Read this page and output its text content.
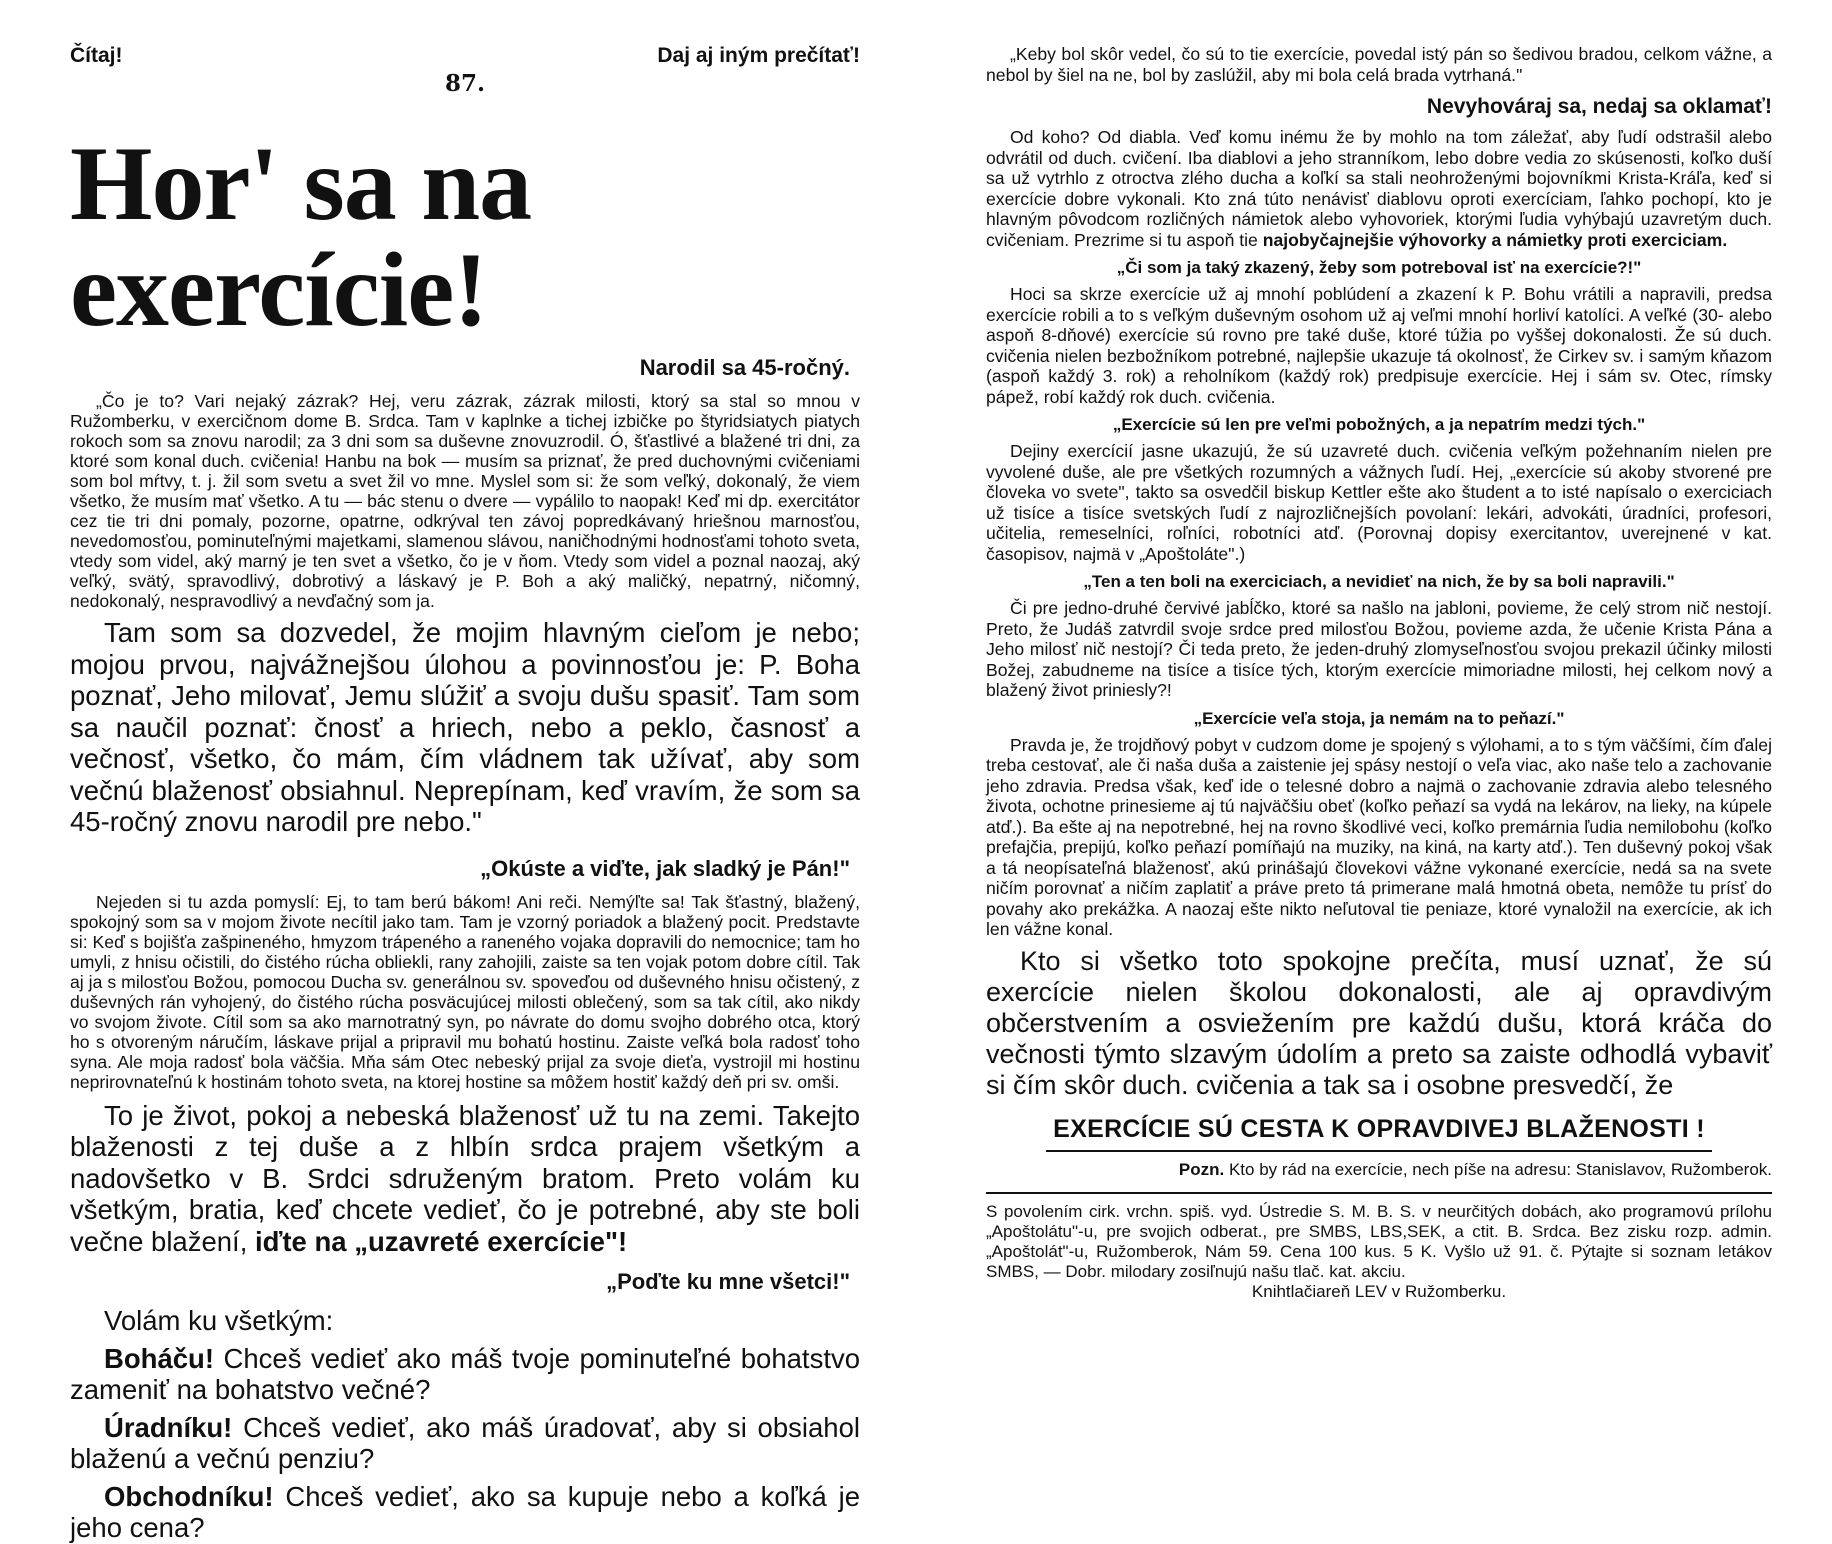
Čítaj!	Daj aj iným prečítať!
87.
Hor' sa na exercície!
Narodil sa 45-ročný.

„Čo je to? Vari nejaký zázrak? Hej, veru zázrak, zázrak milosti, ktorý sa stal so mnou v Ružomberku, v exercičnom dome B. Srdca. Tam v kaplnke a tichej izbičke po štyridsiatych piatych rokoch som sa znovu narodil; za 3 dni som sa duševne znovuzrodil. Ó, šťastlivé a blažené tri dni, za ktoré som konal duch. cvičenia! Hanbu na bok — musím sa priznať, že pred duchovnými cvičeniami som bol mŕtvy, t. j. žil som svetu a svet žil vo mne. Myslel som si: že som veľký, dokonalý, že viem všetko, že musím mať všetko. A tu — bác stenu o dvere — vypálilo to naopak! Keď mi dp. exercitátor cez tie tri dni pomaly, pozorne, opatrne, odkrýval ten závoj popredkávaný hriešnou marnosťou, nevedomosťou, pominuteľnými majetkami, slamenou slávou, naničhodnými hodnosťami tohoto sveta, vtedy som videl, aký marný je ten svet a všetko, čo je v ňom. Vtedy som videl a poznal naozaj, aký veľký, svätý, spravodlivý, dobrotivý a láskavý je P. Boh a aký maličký, nepatrný, ničomný, nedokonalý, nespravodlivý a nevďačný som ja.

Tam som sa dozvedel, že mojim hlavným cieľom je nebo; mojou prvou, najvážnejšou úlohou a povinnosťou je: P. Boha poznať, Jeho milovať, Jemu slúžiť a svoju dušu spasiť. Tam som sa naučil poznať: čnosť a hriech, nebo a peklo, časnosť a večnosť, všetko, čo mám, čím vládnem tak užívať, aby som večnú blaženosť obsiahnul. Neprepínam, keď vravím, že som sa 45-ročný znovu narodil pre nebo."

„Okúste a viďte, jak sladký je Pán!"

Nejeden si tu azda pomyslí: Ej, to tam berú bákom! Ani reči. Nemýľte sa! Tak šťastný, blažený, spokojný som sa v mojom živote necítil jako tam. Tam je vzorný poriadok a blažený pocit. Predstavte si: Keď s bojišťa zašpineného, hmyzom trápeného a raneného vojaka dopravili do nemocnice; tam ho umyli, z hnisu očistili, do čistého rúcha obliekli, rany zahojili, zaiste sa ten vojak potom dobre cítil. Tak aj ja s milosťou Božou, pomocou Ducha sv. generálnou sv. spoveďou od duševného hnisu očistený, z duševných rán vyhojený, do čistého rúcha posväcujúcej milosti oblečený, som sa tak cítil, ako nikdy vo svojom živote. Cítil som sa ako marnotratný syn, po návrate do domu svojho dobrého otca, ktorý ho s otvoreným náručím, láskave prijal a pripravil mu bohatú hostinu. Zaiste veľká bola radosť toho syna. Ale moja radosť bola väčšia. Mňa sám Otec nebeský prijal za svoje dieťa, vystrojil mi hostinu neprirovnateľnú k hostinám tohoto sveta, na ktorej hostine sa môžem hostiť každý deň pri sv. omši.

To je život, pokoj a nebeská blaženosť už tu na zemi. Takejto blaženosti z tej duše a z hlbín srdca prajem všetkým a nadovšetko v B. Srdci sdruženým bratom. Preto volám ku všetkým, bratia, keď chcete vedieť, čo je potrebné, aby ste boli večne blažení, iďte na „uzavreté exercície"!

„Poďte ku mne všetci!"
Volám ku všetkým:

Boháču! Chceš vedieť ako máš tvoje pominuteľné bohatstvo zameniť na bohatstvo večné?

Úradníku! Chceš vedieť, ako máš úradovať, aby si obsiahol blaženú a večnú penziu?

Obchodníku! Chceš vedieť, ako sa kupuje nebo a koľká je jeho cena?

„Keby bol skôr vedel, čo sú to tie exercície, povedal istý pán so šedivou bradou, celkom vážne, a nebol by šiel na ne, bol by zaslúžil, aby mi bola celá brada vytrhaná."

Nevyhováraj sa, nedaj sa oklamať!

Od koho? Od diabla. Veď komu inému že by mohlo na tom záležať, aby ľudí odstrašil alebo odvrátil od duch. cvičení. Iba diablovi a jeho stranníkom, lebo dobre vedia zo skúsenosti, koľko duší sa už vytrhlo z otroctva zlého ducha a koľkí sa stali neohroženými bojovníkmi Krista-Kráľa, keď si exercície dobre vykonali. Kto zná túto nenávisť diablovu oproti exercíciam, ľahko pochopí, kto je hlavným pôvodcom rozličných námietok alebo vyhovoriek, ktorými ľudia vyhýbajú uzavretým duch. cvičeniam. Prezrime si tu aspoň tie najobyčajnejšie výhovorky a námietky proti exerciciam.

„Či som ja taký zkazený, žeby som potreboval isť na exercície?!"

Hoci sa skrze exercície už aj mnohí poblúdení a zkazení k P. Bohu vrátili a napravili, predsa exercície robili a to s veľkým duševným osohom už aj veľmi mnohí horliví katolíci. A veľké (30- alebo aspoň 8-dňové) exercície sú rovno pre také duše, ktoré túžia po vyššej dokonalosti. Že sú duch. cvičenia nielen bezbožníkom potrebné, najlepšie ukazuje tá okolnosť, že Cirkev sv. i samým kňazom (aspoň každý 3. rok) a reholníkom (každý rok) predpisuje exercície. Hej i sám sv. Otec, rímsky pápež, robí každý rok duch. cvičenia.

„Exercície sú len pre veľmi pobožných, a ja nepatrím medzi tých."

Dejiny exercícií jasne ukazujú, že sú uzavreté duch. cvičenia veľkým požehnaním nielen pre vyvolené duše, ale pre všetkých rozumných a vážnych ľudí. Hej, „exercície sú akoby stvorené pre človeka vo svete", takto sa osvedčil biskup Kettler ešte ako študent a to isté napísalo o exerciciach už tisíce a tisíce svetských ľudí z najrozličnejších povolaní: lekári, advokáti, úradníci, profesori, učitelia, remeselníci, roľníci, robotníci atď. (Porovnaj dopisy exercitantov, uverejnené v kat. časopisov, najmä v „Apoštoláte".)

„Ten a ten boli na exerciciach, a nevidieť na nich, že by sa boli napravili."

Či pre jedno-druhé červivé jabĺčko, ktoré sa našlo na jabloni, povieme, že celý strom nič nestojí. Preto, že Judáš zatvrdil svoje srdce pred milosťou Božou, povieme azda, že učenie Krista Pána a Jeho milosť nič nestojí? Či teda preto, že jeden-druhý zlomyseľnosťou svojou prekazil účinky milosti Božej, zabudneme na tisíce a tisíce tých, ktorým exercície mimoriadne milosti, hej celkom nový a blažený život priniesly?!

„Exercície veľa stoja, ja nemám na to peňazí."

Pravda je, že trojdňový pobyt v cudzom dome je spojený s výlohami, a to s tým väčšími, čím ďalej treba cestovať, ale či naša duša a zaistenie jej spásy nestojí o veľa viac, ako naše telo a zachovanie jeho zdravia. Predsa však, keď ide o telesné dobro a najmä o zachovanie zdravia alebo telesného života, ochotne prinesieme aj tú najväčšiu obeť (koľko peňazí sa vydá na lekárov, na lieky, na kúpele atď.). Ba ešte aj na nepotrebné, hej na rovno škodlivé veci, koľko premárnia ľudia nemilobohu (koľko prefajčia, prepijú, koľko peňazí pomíňajú na muziky, na kiná, na karty atď.). Ten duševný pokoj však a tá neopísateľná blaženosť, akú prinášajú človekovi vážne vykonané exercície, nedá sa na svete ničím porovnať a ničím zaplatiť a práve preto tá primerane malá hmotná obeta, nemôže tu prísť do povahy ako prekážka. A naozaj ešte nikto neľutoval tie peniaze, ktoré vynaložil na exercície, ak ich len vážne konal.

Kto si všetko toto spokojne prečíta, musí uznať, že sú exercície nielen školou dokonalosti, ale aj opravdivým občerstvením a osviežením pre každú dušu, ktorá kráča do večnosti týmto slzavým údolím a preto sa zaiste odhodlá vybaviť si čím skôr duch. cvičenia a tak sa i osobne presvedčí, že

EXERCÍCIE SÚ CESTA K OPRAVDIVEJ BLAŽENOSTI !
Pozn. Kto by rád na exercície, nech píše na adresu: Stanislavov, Ružomberok.

S povolením cirk. vrchn. spiš. vyd. Ústredie S. M. B. S. v neurčitých dobách, ako programovú prílohu „Apoštolátu"-u, pre svojich odberat., pre SMBS, LBS,SEK, a ctit. B. Srdca. Bez zisku rozp. admin. „Apoštolát"-u, Ružomberok, Nám 59. Cena 100 kus. 5 K. Vyšlo už 91. č. Pýtajte si soznam letákov SMBS, — Dobr. milodary zosiľnujú našu tlač. kat. akciu.

Knihtlačiareň LEV v Ružomberku.
